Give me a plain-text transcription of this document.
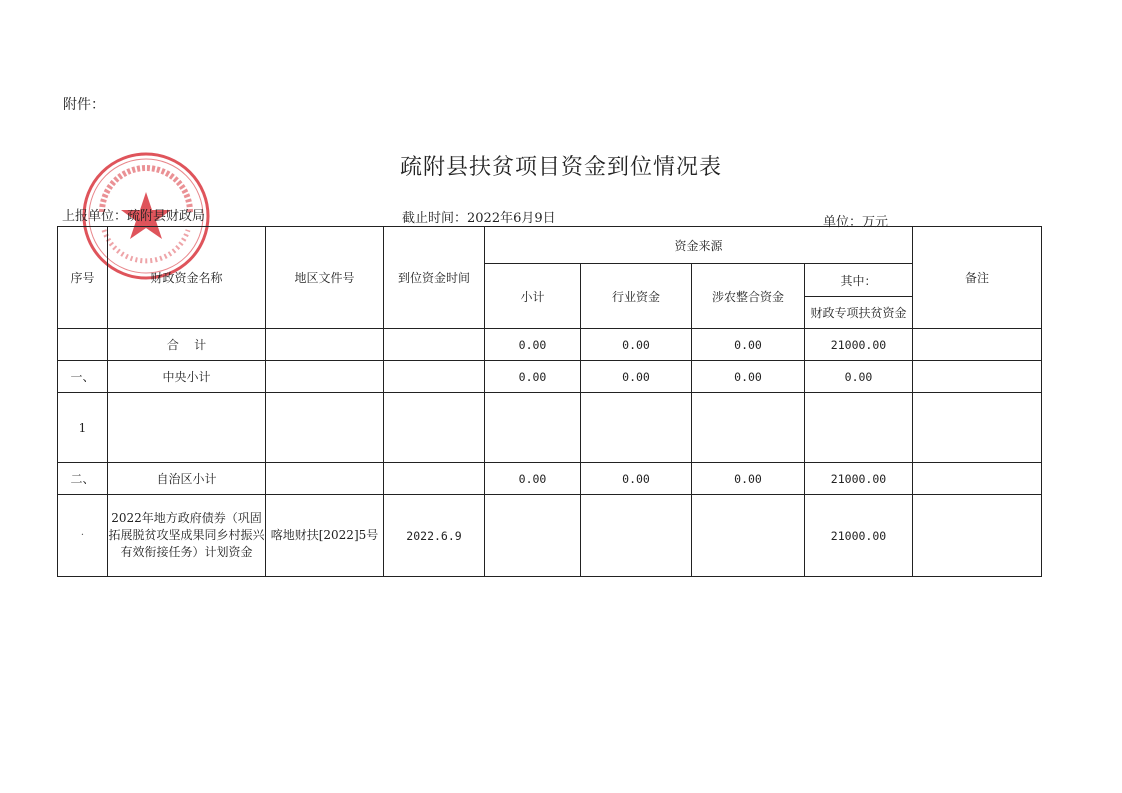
附件：
疏附县扶贫项目资金到位情况表
上报单位：疏附县财政局	截止时间：2022年6月9日	单位：万元
序号	财政资金名称	地区文件号	到位资金时间	资金来源				备注
				小计	行业资金	涉农整合资金	其中：	
							财政专项扶贫资金	
	合    计			0.00	0.00	0.00	21000.00	
一、	中央小计			0.00	0.00	0.00	0.00	
1								
二、	自治区小计			0.00	0.00	0.00	21000.00	
·	2022年地方政府债券（巩固拓展脱贫攻坚成果同乡村振兴有效衔接任务）计划资金	喀地财扶[2022]5号	2022.6.9				21000.00	
